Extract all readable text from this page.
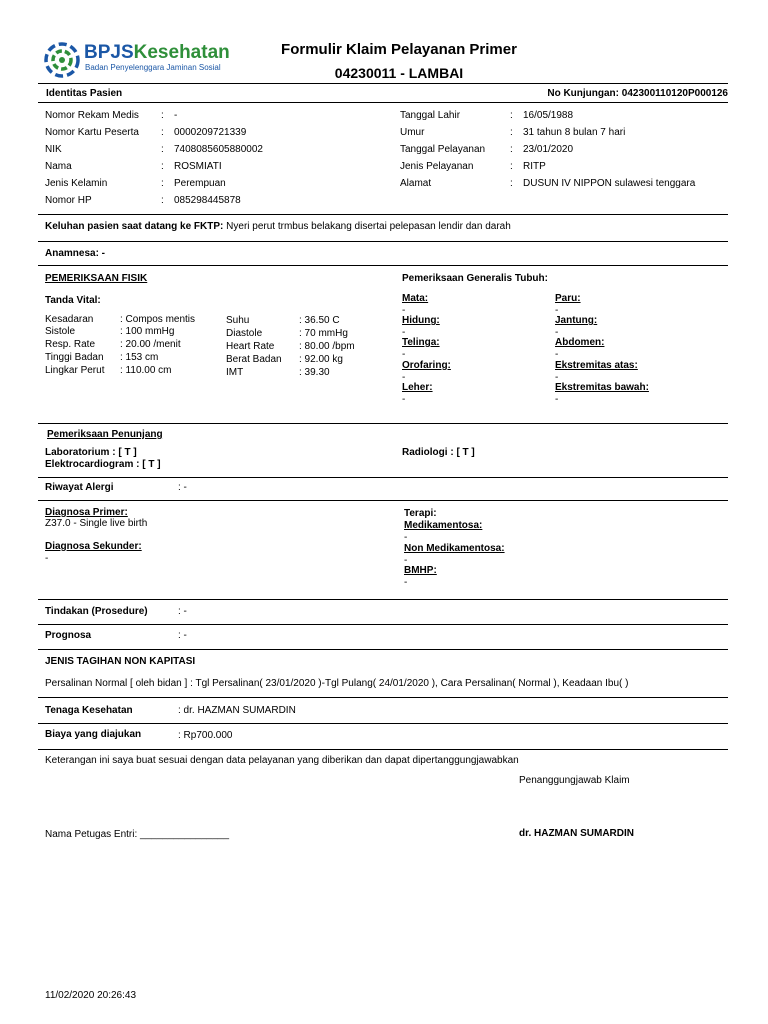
BPJSKesehatan
Badan Penyelenggara Jaminan Sosial
Formulir Klaim Pelayanan Primer
04230011 - LAMBAI
Identitas Pasien	No Kunjungan: 042300110120P000126
Nomor Rekam Medis : -
Nomor Kartu Peserta : 0000209721339
NIK	: 7408085605880002
Nama	: ROSMIATI
Jenis Kelamin	: Perempuan
Nomor HP	: 085298445878
Tanggal Lahir	: 16/05/1988
Umur	: 31 tahun 8 bulan 7 hari
Tanggal Pelayanan : 23/01/2020
Jenis Pelayanan	: RITP
Alamat	: DUSUN IV NIPPON sulawesi tenggara
Keluhan pasien saat datang ke FKTP: Nyeri perut trmbus belakang disertai pelepasan lendir dan darah
Anamnesa: -
PEMERIKSAAN FISIK
Tanda Vital:
Kesadaran	: Compos mentis
Sistole	: 100 mmHg
Resp. Rate : 20.00 /menit
Tinggi Badan : 153 cm
Lingkar Perut : 110.00 cm
Suhu	: 36.50 C
Diastole	: 70 mmHg
Heart Rate : 80.00 /bpm
Berat Badan : 92.00 kg
IMT	: 39.30
Pemeriksaan Generalis Tubuh:
Mata:
-
Hidung:
-
Telinga:
-
Orofaring:
-
Leher:
-
Paru:
-
Jantung:
-
Abdomen:
-
Ekstremitas atas:
-
Ekstremitas bawah:
-
Pemeriksaan Penunjang
Laboratorium : [ T ]
Elektrocardiogram : [ T ]
Radiologi : [ T ]
Riwayat Alergi	: -
Diagnosa Primer:
Z37.0 - Single live birth
Diagnosa Sekunder:
-
Terapi:
Medikamentosa:
-
Non Medikamentosa:
-
BMHP:
-
Tindakan (Prosedure)	: -
Prognosa	: -
JENIS TAGIHAN NON KAPITASI
Persalinan Normal [ oleh bidan ] : Tgl Persalinan( 23/01/2020 )-Tgl Pulang( 24/01/2020 ), Cara Persalinan( Normal ), Keadaan Ibu( )
Tenaga Kesehatan	: dr. HAZMAN SUMARDIN
Biaya yang diajukan	: Rp700.000
Keterangan ini saya buat sesuai dengan data pelayanan yang diberikan dan dapat dipertanggungjawabkan
Penanggungjawab Klaim
Nama Petugas Entri: ________________	dr. HAZMAN SUMARDIN
11/02/2020 20:26:43
